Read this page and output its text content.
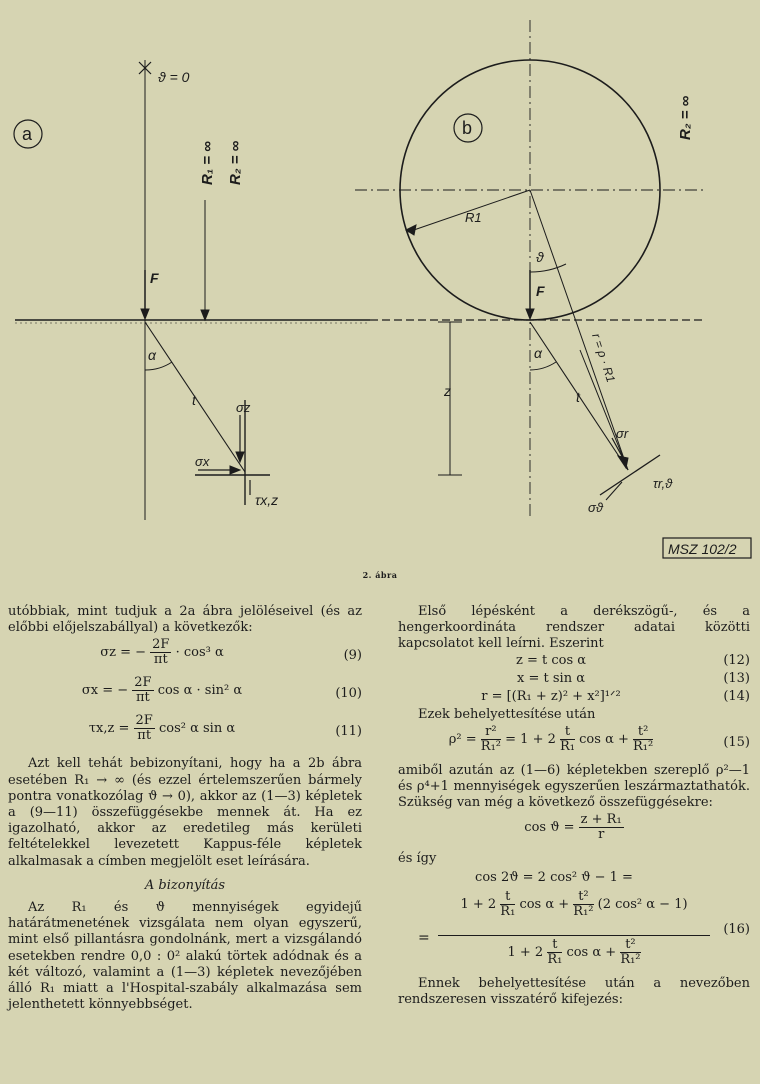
a
ϑ = 0
R₁ = ∞ R₂ = ∞
F
α
t	σz
σx
τx,z
b	R₂ = ∞
R1
ϑ
F
α
z
r = ρ · R1
t
σr
τr,ϑ
σϑ
MSZ 102/2
2. ábra

utóbbiak, mint tudjuk a 2a ábra jelöléseivel (és az előbbi előjelszabállyal) a következők:

σz = − $\frac{2F}{\pi t} \cdot \cos^3$ α	(9)
σx = − $\frac{2F}{\pi t}$ cos α · sin² α	(10)
$\tau x,z = \frac{2F}{\pi t} \cos^2$ α sin α	(11)

Azt kell tehát bebizonyítani, hogy ha a 2b ábra esetében R₁ → ∞ (és ezzel értelemszerűen bármely pontra vonatkozólag ϑ → 0), akkor az (1—3) képletek a (9—11) összefüggésekbe mennek át. Ha ez igazolható, akkor az eredetileg más kerületi feltételekkel levezetett Kappus-féle képletek alkalmasak a címben megjelölt eset leírására.

A bizonyítás

Az R₁ és ϑ mennyiségek egyidejű határátmenetének vizsgálata nem olyan egyszerű, mint első pillantásra gondolnánk, mert a vizsgálandó esetekben rendre 0,0 : 0² alakú törtek adódnak és a két változó, valamint a (1—3) képletek nevezőjében álló R₁ miatt a l'Hospital-szabály alkalmazása sem jelenthetett könnyebbséget.

Első lépésként a derékszögű-, és a hengerkoordináta rendszer adatai közötti kapcsolatot kell leírni. Eszerint

z = t cos α	(12)
x = t sin α	(13)
r = [(R₁ + z)² + x²]¹ᐟ²	(14)

Ezek behelyettesítése után

$\rho^2 = \frac{\text{r²}}{\text{R₁²}} = 1 + 2 \frac{t}{\text{R₁}}$ $\cos \alpha + \frac{\text{t²}}{\text{R₁²}}$	(15)

amiből azután az (1—6) képletekben szereplő ρ²—1 és ρ⁴+1 mennyiségek egyszerűen leszármaztathatók. Szükség van még a következő összefüggésekre:

$\cos ϑ = \frac{\text{z + R₁}}{r}$

és így

cos 2ϑ = 2 cos² ϑ − 1 =
$1 + 2 \frac{t}{\text{R₁}}$ $\cos \alpha + \frac{\text{t²}}{\text{R₁²}} (2$ cos² α − 1)
=
$1 + 2 \frac{t}{\text{R₁}}$ $\cos \alpha + \frac{\text{t²}}{\text{R₁²}}$
(16)

Ennek behelyettesítése után a nevezőben rendszeresen visszatérő kifejezés:
